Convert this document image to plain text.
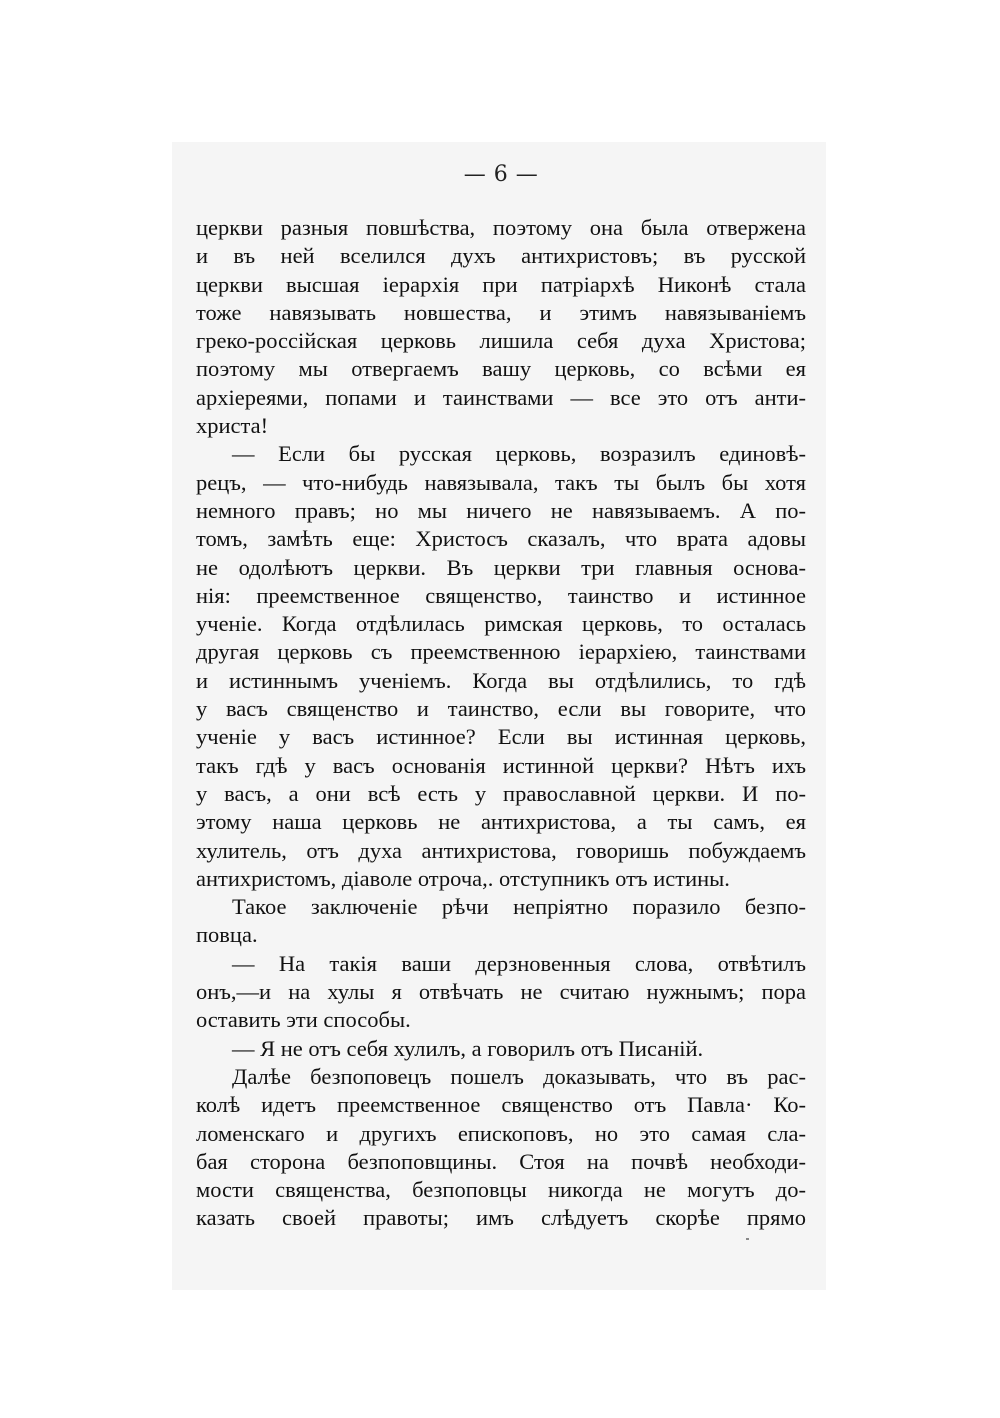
— 6 —
церкви разныя повшѣства, поэтому она была отвержена
и въ ней вселился духъ антихристовъ; въ русской
церкви высшая іерархія при патріархѣ Никонѣ стала
тоже навязывать новшества, и этимъ навязываніемъ
греко-россійская церковь лишила себя духа Христова;
поэтому мы отвергаемъ вашу церковь, со всѣми ея
архіереями, попами и таинствами — все это отъ анти-
христа!
— Если бы русская церковь, возразилъ единовѣ-
рецъ, — что-нибудь навязывала, такъ ты былъ бы хотя
немного правъ; но мы ничего не навязываемъ. А по-
томъ, замѣть еще: Христосъ сказалъ, что врата адовы
не одолѣютъ церкви. Въ церкви три главныя основа-
нія: преемственное священство, таинство и истинное
ученіе. Когда отдѣлилась римская церковь, то осталась
другая церковь съ преемственною іерархіею, таинствами
и истиннымъ ученіемъ. Когда вы отдѣлились, то гдѣ
у васъ священство и таинство, если вы говорите, что
ученіе у васъ истинное? Если вы истинная церковь,
такъ гдѣ у васъ основанія истинной церкви? Нѣтъ ихъ
у васъ, а они всѣ есть у православной церкви. И по-
этому наша церковь не антихристова, а ты самъ, ея
хулитель, отъ духа антихристова, говоришь побуждаемъ
антихристомъ, діаволе отроча,. отступникъ отъ истины.
Такое заключеніе рѣчи непріятно поразило безпо-
повца.
— На такія ваши дерзновенныя слова, отвѣтилъ
онъ,—и на хулы я отвѣчать не считаю нужнымъ; пора
оставить эти способы.
— Я не отъ себя хулилъ, а говорилъ отъ Писаній.
Далѣе безпоповецъ пошелъ доказывать, что въ рас-
колѣ идетъ преемственное священство отъ Павла· Ко-
ломенскаго и другихъ епископовъ, но это самая сла-
бая сторона безпоповщины. Стоя на почвѣ необходи-
мости священства, безпоповцы никогда не могутъ до-
казать своей правоты; имъ слѣдуетъ скорѣе прямо
